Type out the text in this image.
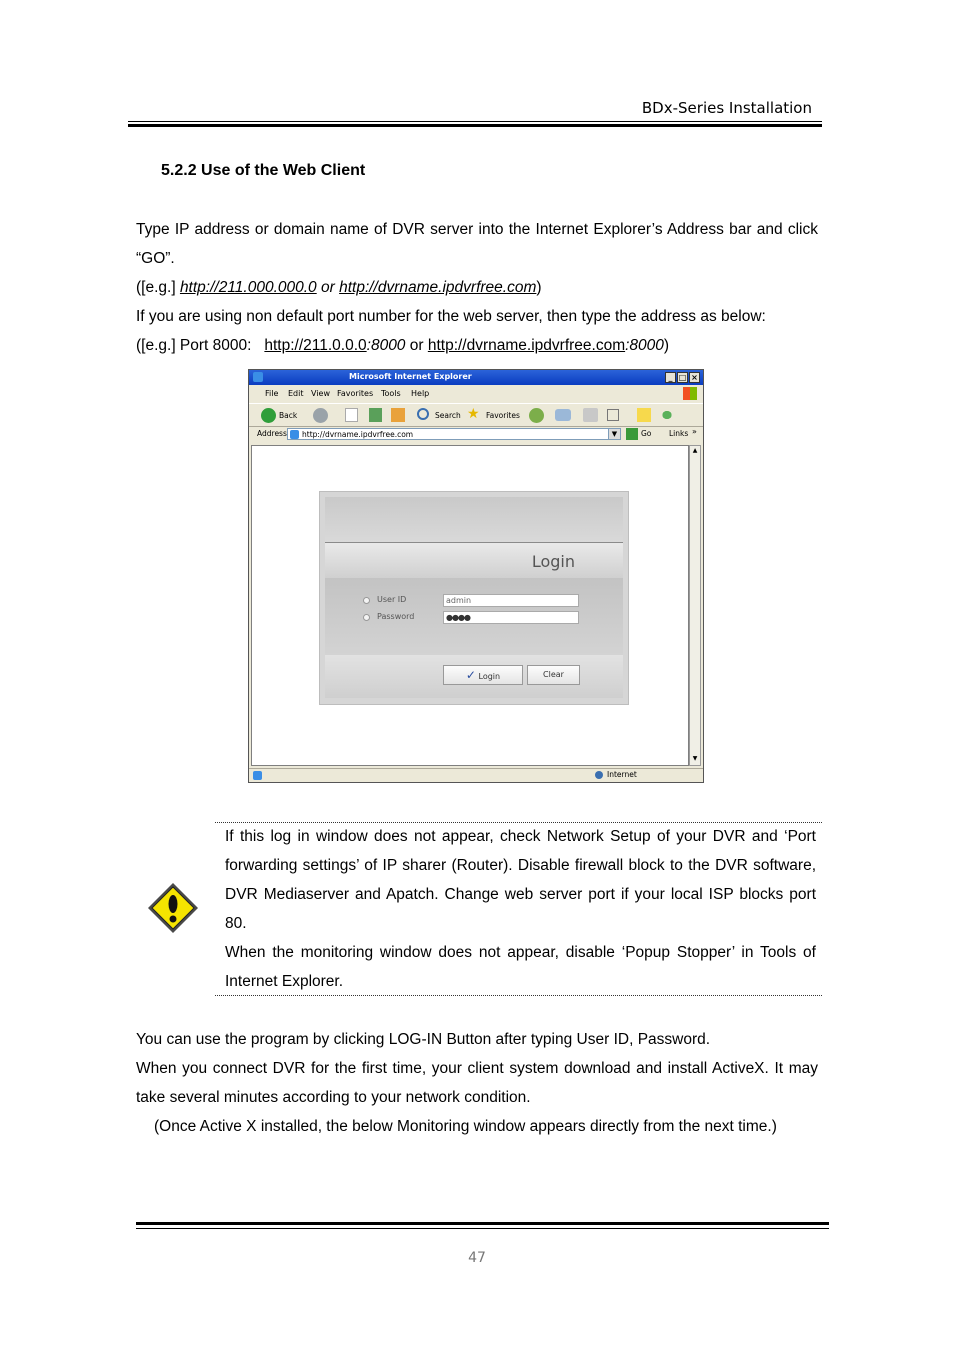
BDx-Series Installation
5.2.2 Use of the Web Client
Type IP address or domain name of DVR server into the Internet Explorer’s Address bar and click “GO”.
([e.g.] http://211.000.000.0 or http://dvrname.ipdvrfree.com)
If you are using non default port number for the web server, then type the address as below:
([e.g.] Port 8000:   http://211.0.0.0:8000 or http://dvrname.ipdvrfree.com:8000)
Microsoft Internet Explorer	_ □ ×
File Edit View Favorites Tools Help
Back	Search ★ Favorites
Address	http://dvrname.ipdvrfree.com	▼	Go Links »
Login
User ID	admin
Password	●●●●
✓ Login	Clear
▲
▼
Internet
If this log in window does not appear, check Network Setup of your DVR and ‘Port forwarding settings’ of IP sharer (Router). Disable firewall block to the DVR software, DVR Mediaserver and Apatch. Change web server port if your local ISP blocks port 80.
When the monitoring window does not appear, disable ‘Popup Stopper’ in Tools of Internet Explorer.
You can use the program by clicking LOG-IN Button after typing User ID, Password.
When you connect DVR for the first time, your client system download and install ActiveX. It may take several minutes according to your network condition.
(Once Active X installed, the below Monitoring window appears directly from the next time.)
47
